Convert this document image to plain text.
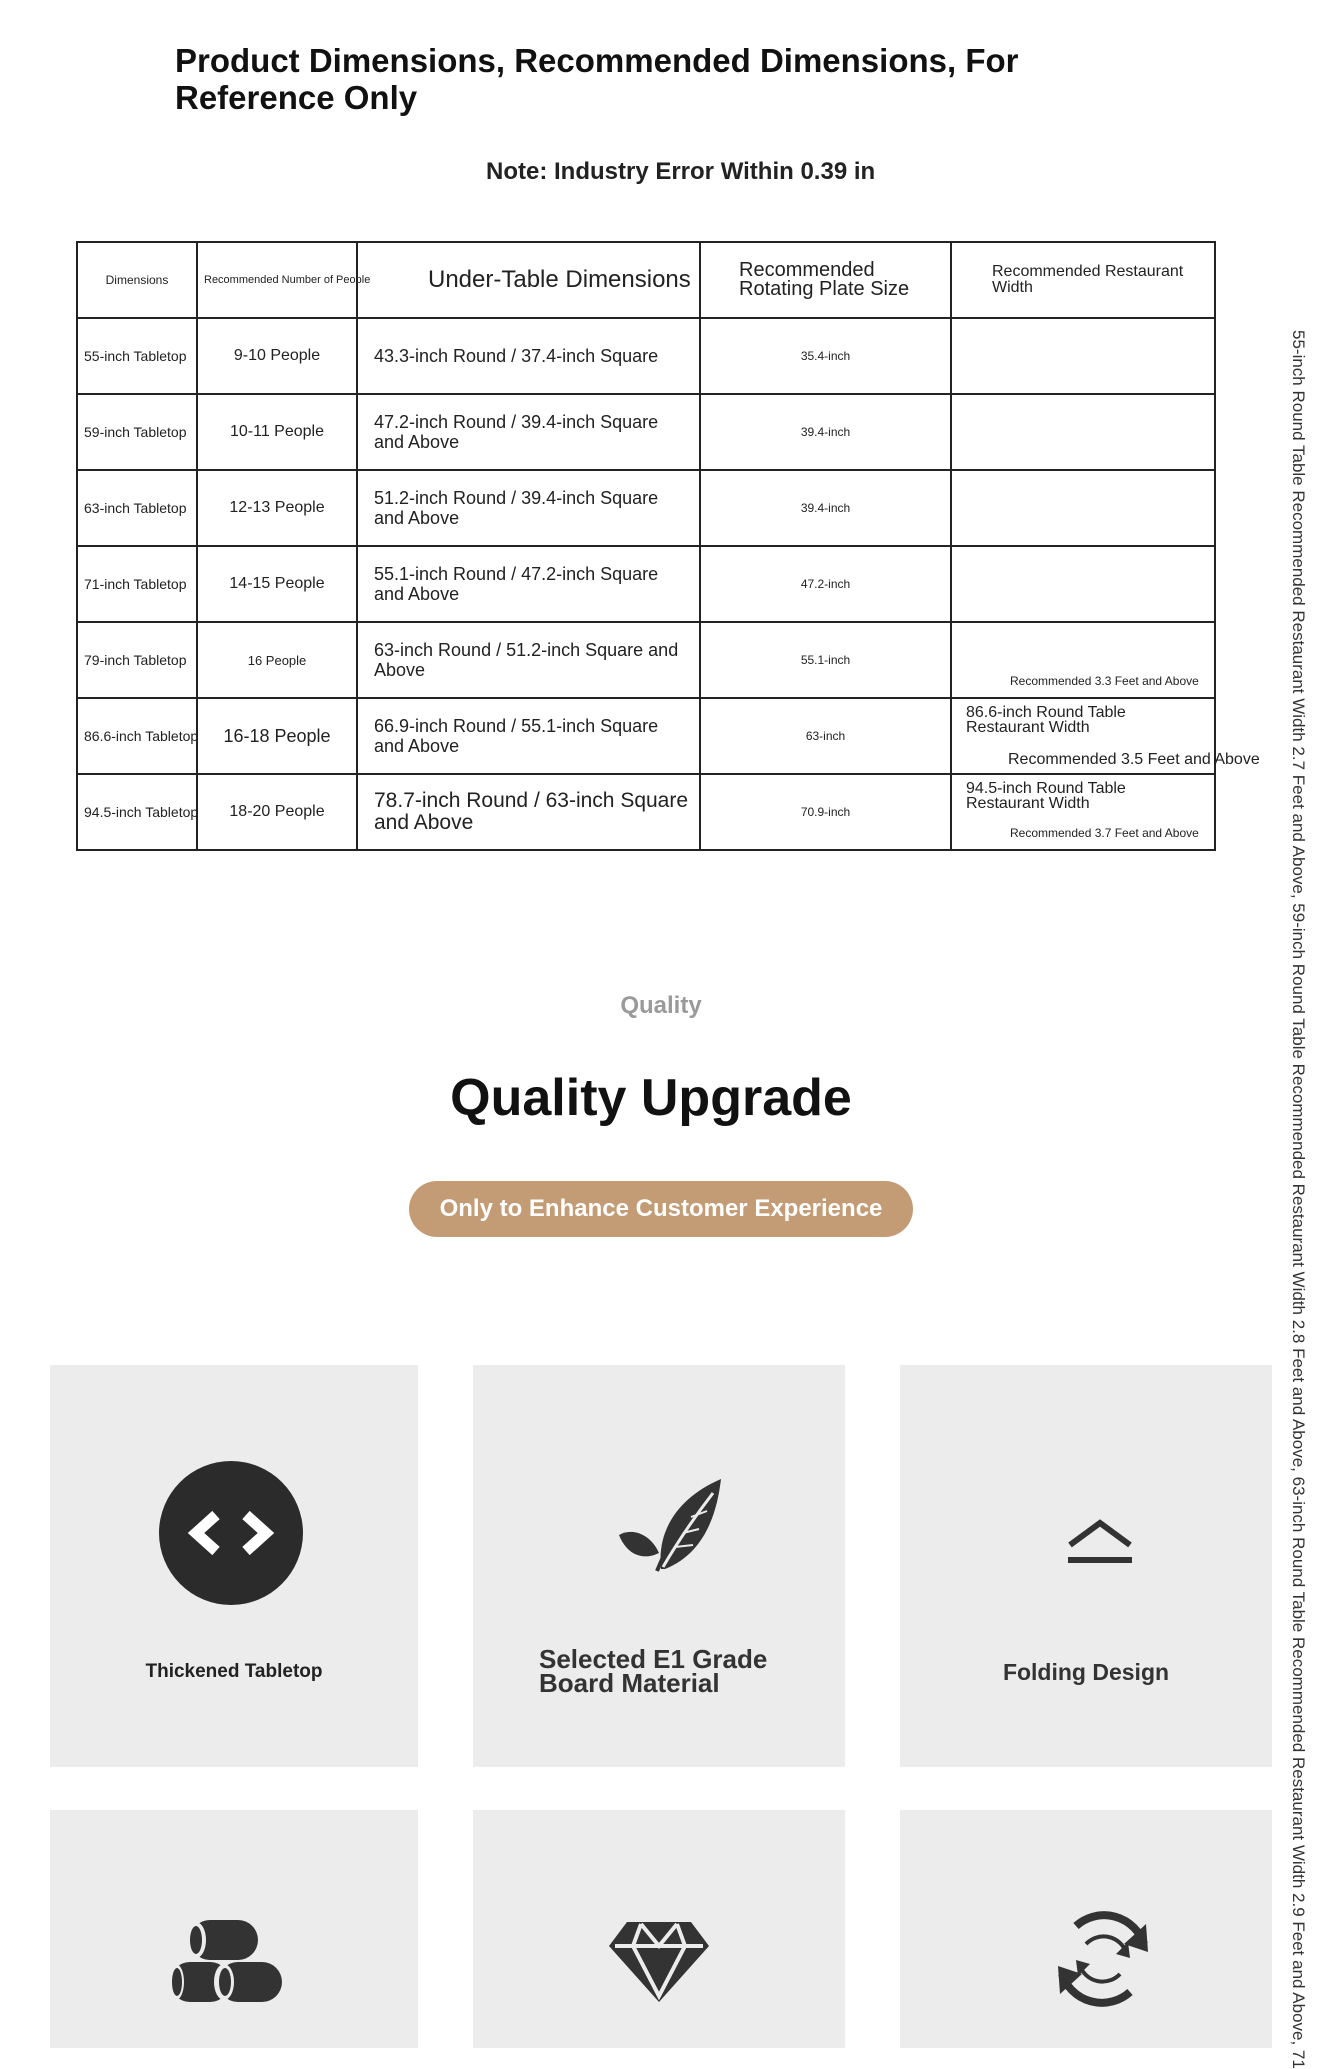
Product Dimensions, Recommended Dimensions, For Reference Only
Note: Industry Error Within 0.39 in
Dimensions	Recommended Number of People	Under-Table Dimensions	Recommended Rotating Plate Size	Recommended Restaurant Width
55-inch Tabletop	9-10 People	43.3-inch Round / 37.4-inch Square	35.4-inch	
59-inch Tabletop	10-11 People	47.2-inch Round / 39.4-inch Square and Above	39.4-inch	
63-inch Tabletop	12-13 People	51.2-inch Round / 39.4-inch Square and Above	39.4-inch	
71-inch Tabletop	14-15 People	55.1-inch Round / 47.2-inch Square and Above	47.2-inch	
79-inch Tabletop	16 People	63-inch Round / 51.2-inch Square and Above	55.1-inch	Recommended 3.3 Feet and Above

86.6-inch Tabletop	16-18 People	66.9-inch Round / 55.1-inch Square and Above	63-inch	86.6-inch Round Table Restaurant Width
Recommended 3.5 Feet and Above

94.5-inch Tabletop	18-20 People	78.7-inch Round / 63-inch Square and Above	70.9-inch	94.5-inch Round Table Restaurant Width
Recommended 3.7 Feet and Above	55-inch Round Table Recommended Restaurant Width 2.7 Feet and Above, 59-inch Round Table Recommended Restaurant Width 2.8 Feet and Above, 63-inch Round Table Recommended Restaurant Width 2.9 Feet and Above, 71
Quality
Quality Upgrade
Only to Enhance Customer Experience
Thickened Tabletop	Selected E1 Grade Board Material	Folding Design
